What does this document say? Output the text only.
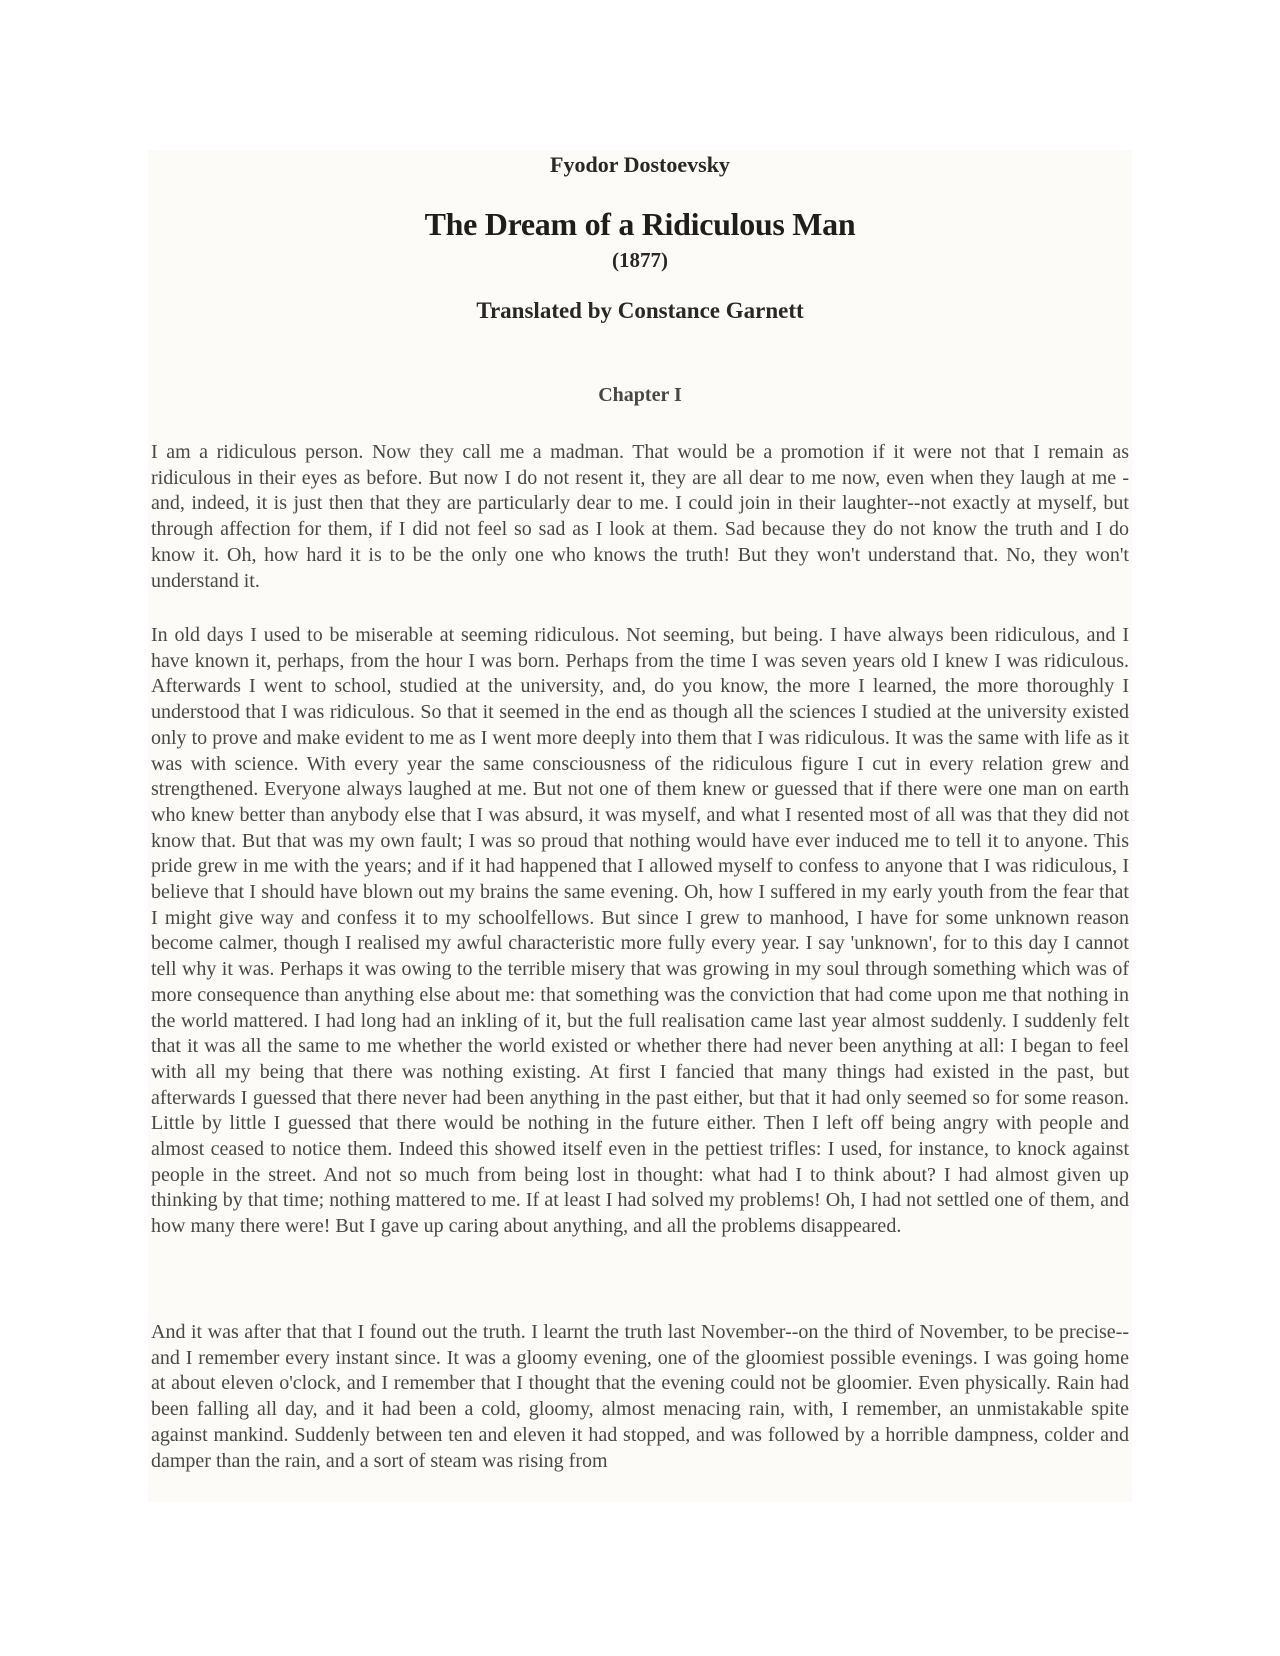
Fyodor Dostoevsky
The Dream of a Ridiculous Man
(1877)
Translated by Constance Garnett
Chapter I

I am a ridiculous person. Now they call me a madman. That would be a promotion if it were not that I remain as ridiculous in their eyes as before. But now I do not resent it, they are all dear to me now, even when they laugh at me - and, indeed, it is just then that they are particularly dear to me. I could join in their laughter--not exactly at myself, but through affection for them, if I did not feel so sad as I look at them. Sad because they do not know the truth and I do know it. Oh, how hard it is to be the only one who knows the truth! But they won't understand that. No, they won't understand it.

In old days I used to be miserable at seeming ridiculous. Not seeming, but being. I have always been ridiculous, and I have known it, perhaps, from the hour I was born. Perhaps from the time I was seven years old I knew I was ridiculous. Afterwards I went to school, studied at the university, and, do you know, the more I learned, the more thoroughly I understood that I was ridiculous. So that it seemed in the end as though all the sciences I studied at the university existed only to prove and make evident to me as I went more deeply into them that I was ridiculous. It was the same with life as it was with science. With every year the same consciousness of the ridiculous figure I cut in every relation grew and strengthened. Everyone always laughed at me. But not one of them knew or guessed that if there were one man on earth who knew better than anybody else that I was absurd, it was myself, and what I resented most of all was that they did not know that. But that was my own fault; I was so proud that nothing would have ever induced me to tell it to anyone. This pride grew in me with the years; and if it had happened that I allowed myself to confess to anyone that I was ridiculous, I believe that I should have blown out my brains the same evening. Oh, how I suffered in my early youth from the fear that I might give way and confess it to my schoolfellows. But since I grew to manhood, I have for some unknown reason become calmer, though I realised my awful characteristic more fully every year. I say 'unknown', for to this day I cannot tell why it was. Perhaps it was owing to the terrible misery that was growing in my soul through something which was of more consequence than anything else about me: that something was the conviction that had come upon me that nothing in the world mattered. I had long had an inkling of it, but the full realisation came last year almost suddenly. I suddenly felt that it was all the same to me whether the world existed or whether there had never been anything at all: I began to feel with all my being that there was nothing existing. At first I fancied that many things had existed in the past, but afterwards I guessed that there never had been anything in the past either, but that it had only seemed so for some reason. Little by little I guessed that there would be nothing in the future either. Then I left off being angry with people and almost ceased to notice them. Indeed this showed itself even in the pettiest trifles: I used, for instance, to knock against people in the street. And not so much from being lost in thought: what had I to think about? I had almost given up thinking by that time; nothing mattered to me. If at least I had solved my problems! Oh, I had not settled one of them, and how many there were! But I gave up caring about anything, and all the problems disappeared.

And it was after that that I found out the truth. I learnt the truth last November--on the third of November, to be precise-- and I remember every instant since. It was a gloomy evening, one of the gloomiest possible evenings. I was going home at about eleven o'clock, and I remember that I thought that the evening could not be gloomier. Even physically. Rain had been falling all day, and it had been a cold, gloomy, almost menacing rain, with, I remember, an unmistakable spite against mankind. Suddenly between ten and eleven it had stopped, and was followed by a horrible dampness, colder and damper than the rain, and a sort of steam was rising from
